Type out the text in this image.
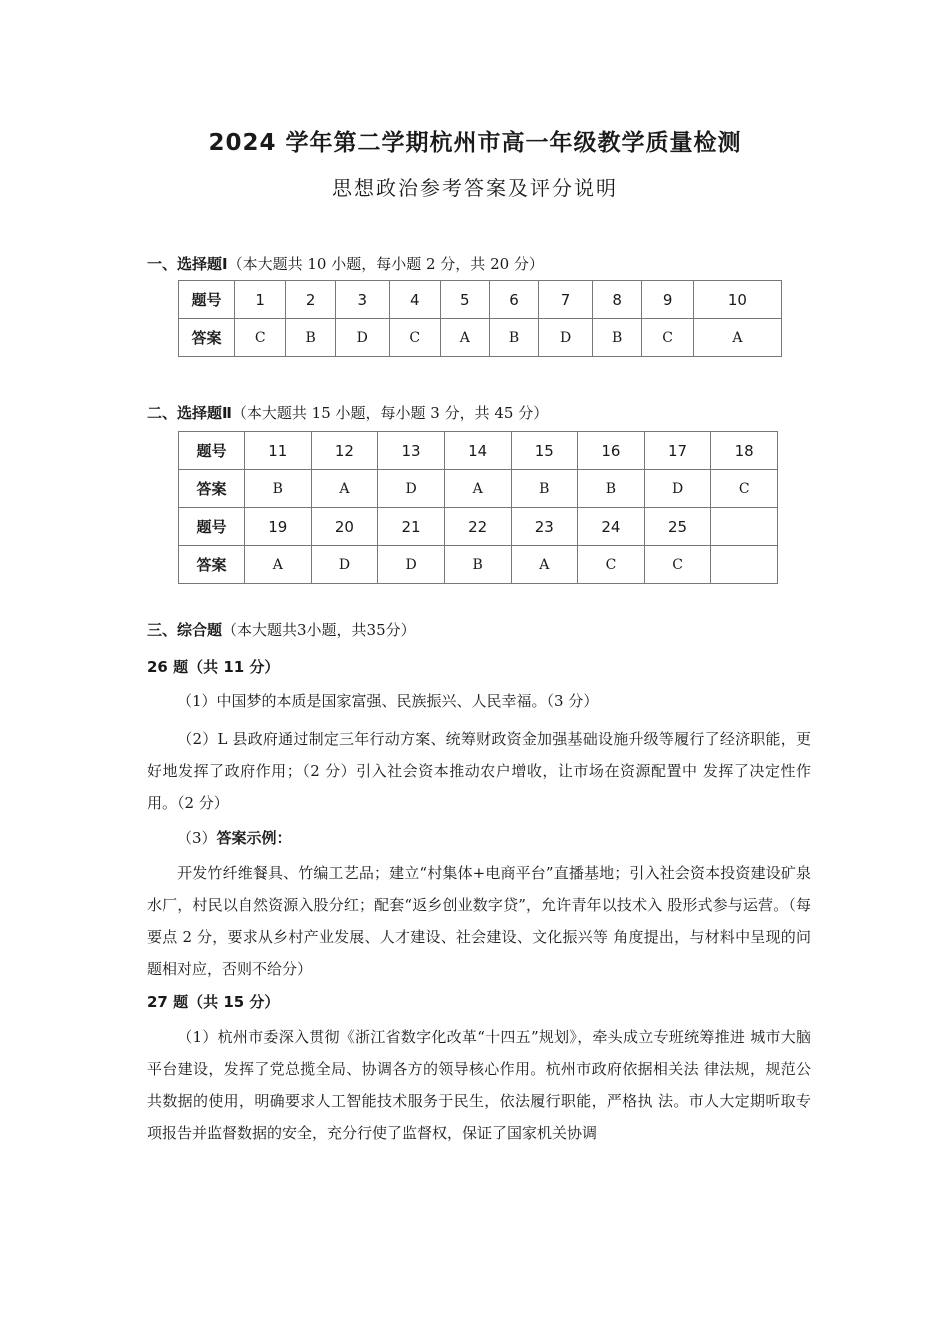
2024 学年第二学期杭州市高一年级教学质量检测
思想政治参考答案及评分说明
一、选择题Ⅰ（本大题共 10 小题，每小题 2 分，共 20 分）
题号	1	2	3	4	5	6	7	8	9	10
答案	C	B	D	C	A	B	D	B	C	A
二、选择题Ⅱ（本大题共 15 小题，每小题 3 分，共 45 分）
题号	11	12	13	14	15	16	17	18
答案	B	A	D	A	B	B	D	C
题号	19	20	21	22	23	24	25	
答案	A	D	D	B	A	C	C	
三、综合题（本大题共3小题，共35分）
26 题（共 11 分）
（1）中国梦的本质是国家富强、民族振兴、人民幸福。（3 分）
（2）L 县政府通过制定三年行动方案、统筹财政资金加强基础设施升级等履行了经济职能，更好地发挥了政府作用；（2 分）引入社会资本推动农户增收，让市场在资源配置中 发挥了决定性作用。（2 分）
（3）答案示例：
开发竹纤维餐具、竹编工艺品；建立“村集体+电商平台”直播基地；引入社会资本投资建设矿泉水厂，村民以自然资源入股分红；配套“返乡创业数字贷”，允许青年以技术入 股形式参与运营。（每要点 2 分，要求从乡村产业发展、人才建设、社会建设、文化振兴等 角度提出，与材料中呈现的问题相对应，否则不给分）
27 题（共 15 分）
（1）杭州市委深入贯彻《浙江省数字化改革“十四五”规划》，牵头成立专班统筹推进 城市大脑平台建设，发挥了党总揽全局、协调各方的领导核心作用。杭州市政府依据相关法 律法规，规范公共数据的使用，明确要求人工智能技术服务于民生，依法履行职能，严格执 法。市人大定期听取专项报告并监督数据的安全，充分行使了监督权，保证了国家机关协调
